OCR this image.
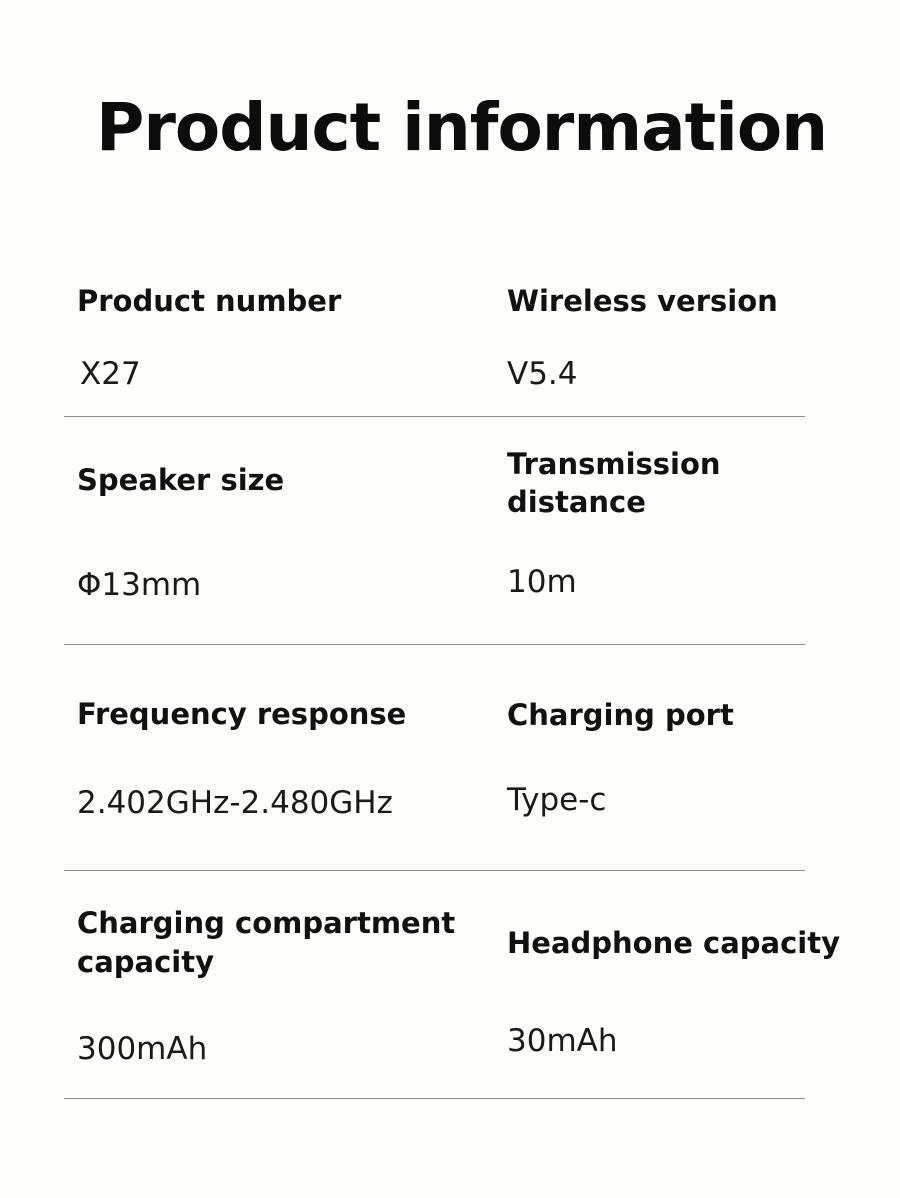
Product information
Product number
X27
Wireless version
V5.4
Speaker size
Φ13mm
Transmission
distance
10m
Frequency response
2.402GHz-2.480GHz
Charging port
Type-c
Charging compartment
capacity
300mAh
Headphone capacity
30mAh
